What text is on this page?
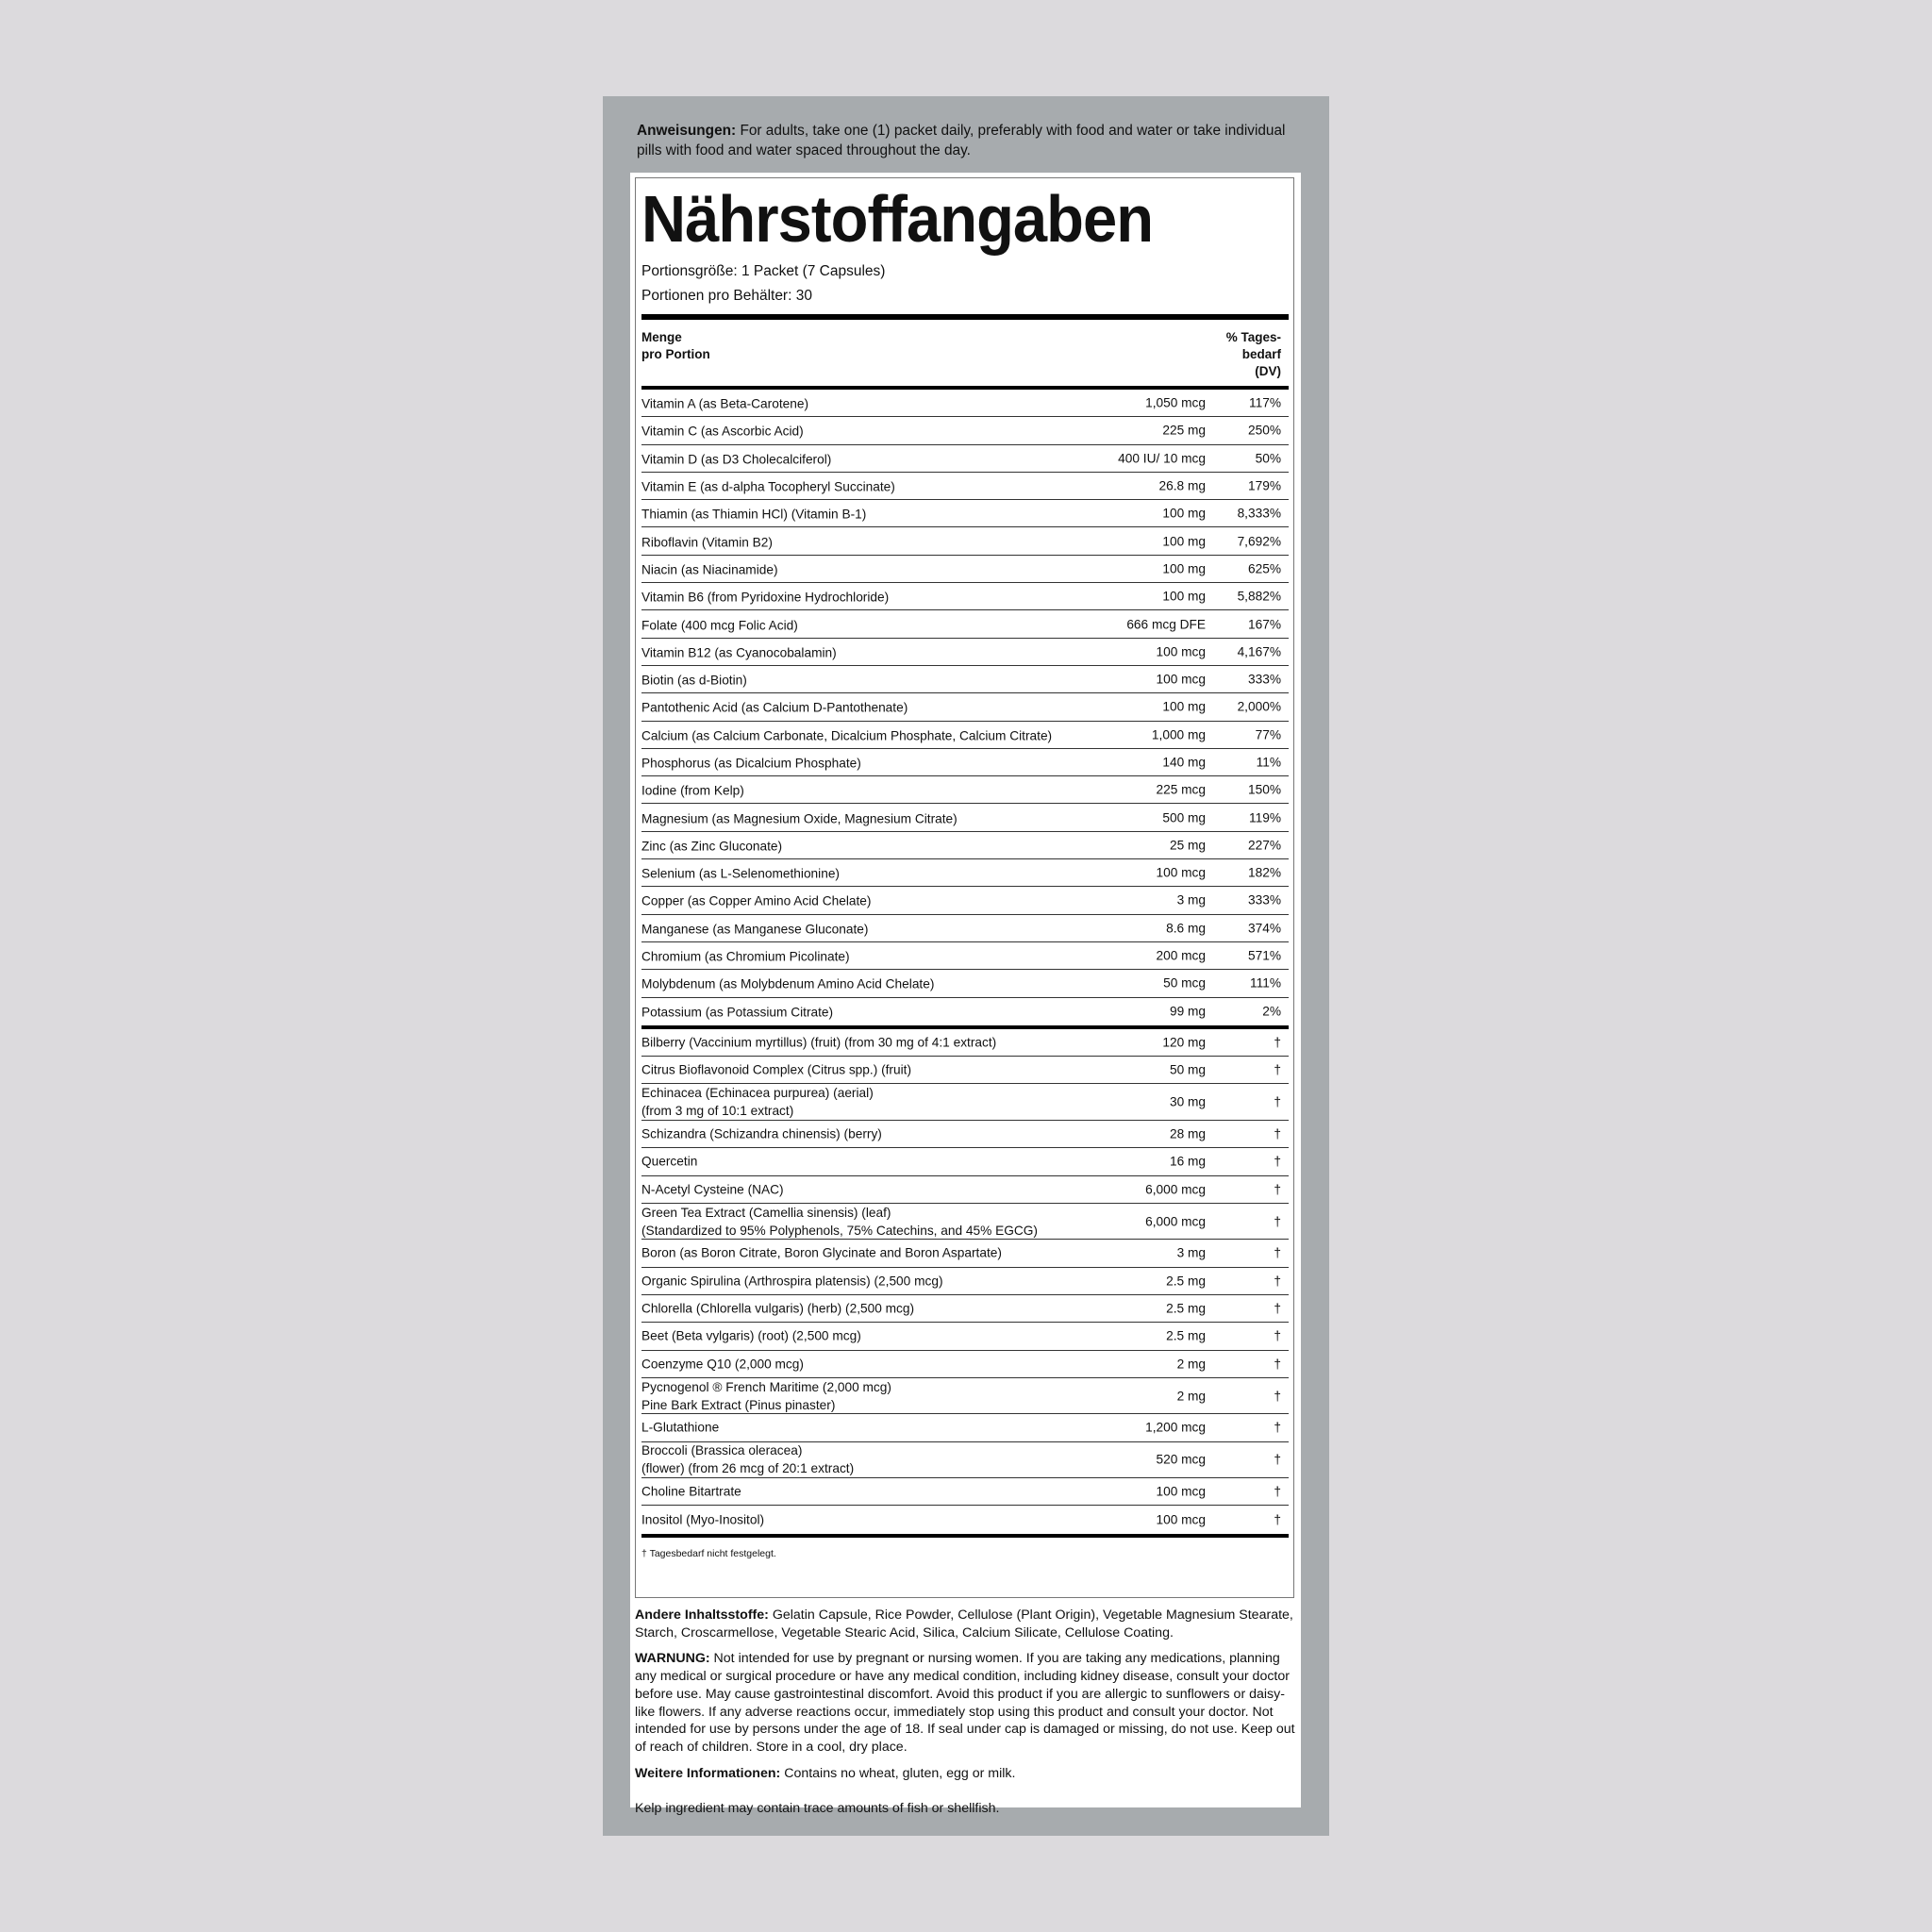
Anweisungen: For adults, take one (1) packet daily, preferably with food and water or take individual pills with food and water spaced throughout the day.
Nährstoffangaben
Portionsgröße: 1 Packet (7 Capsules)
Portionen pro Behälter: 30
Menge
pro Portion
% Tages-
bedarf
(DV)
Vitamin A (as Beta-Carotene)	1,050 mcg	117%
Vitamin C (as Ascorbic Acid)	225 mg	250%
Vitamin D (as D3 Cholecalciferol)	400 IU/ 10 mcg	50%
Vitamin E (as d-alpha Tocopheryl Succinate)	26.8 mg	179%
Thiamin (as Thiamin HCl) (Vitamin B-1)	100 mg 8,333%
Riboflavin (Vitamin B2)	100 mg 7,692%
Niacin (as Niacinamide)	100 mg	625%
Vitamin B6 (from Pyridoxine Hydrochloride)	100 mg 5,882%
Folate (400 mcg Folic Acid)	666 mcg DFE	167%
Vitamin B12 (as Cyanocobalamin)	100 mcg 4,167%
Biotin (as d-Biotin)	100 mcg	333%
Pantothenic Acid (as Calcium D-Pantothenate)	100 mg 2,000%
Calcium (as Calcium Carbonate, Dicalcium Phosphate, Calcium Citrate)	1,000 mg	77%
Phosphorus (as Dicalcium Phosphate)	140 mg	11%
Iodine (from Kelp)	225 mcg	150%
Magnesium (as Magnesium Oxide, Magnesium Citrate)	500 mg	119%
Zinc (as Zinc Gluconate)	25 mg	227%
Selenium (as L-Selenomethionine)	100 mcg	182%
Copper (as Copper Amino Acid Chelate)	3 mg	333%
Manganese (as Manganese Gluconate)	8.6 mg	374%
Chromium (as Chromium Picolinate)	200 mcg	571%
Molybdenum (as Molybdenum Amino Acid Chelate)	50 mcg	111%
Potassium (as Potassium Citrate)	99 mg	2%
Bilberry (Vaccinium myrtillus) (fruit) (from 30 mg of 4:1 extract)	120 mg	†
Citrus Bioflavonoid Complex (Citrus spp.) (fruit)	50 mg	†
Echinacea (Echinacea purpurea) (aerial)
(from 3 mg of 10:1 extract)
30 mg	†
Schizandra (Schizandra chinensis) (berry)	28 mg	†
Quercetin	16 mg	†
N-Acetyl Cysteine (NAC)	6,000 mcg	†
Green Tea Extract (Camellia sinensis) (leaf)
(Standardized to 95% Polyphenols, 75% Catechins, and 45% EGCG)
6,000 mcg	†
Boron (as Boron Citrate, Boron Glycinate and Boron Aspartate)	3 mg	†
Organic Spirulina (Arthrospira platensis) (2,500 mcg)	2.5 mg	†
Chlorella (Chlorella vulgaris) (herb) (2,500 mcg)	2.5 mg	†
Beet (Beta vylgaris) (root) (2,500 mcg)	2.5 mg	†
Coenzyme Q10 (2,000 mcg)	2 mg	†
Pycnogenol ® French Maritime (2,000 mcg)
Pine Bark Extract (Pinus pinaster)
2 mg	†
L-Glutathione	1,200 mcg	†
Broccoli (Brassica oleracea)
(flower) (from 26 mcg of 20:1 extract)
520 mcg	†
Choline Bitartrate	100 mcg	†
Inositol (Myo-Inositol)	100 mcg	†
† Tagesbedarf nicht festgelegt.

Andere Inhaltsstoffe: Gelatin Capsule, Rice Powder, Cellulose (Plant Origin), Vegetable Magnesium Stearate, Starch, Croscarmellose, Vegetable Stearic Acid, Silica, Calcium Silicate, Cellulose Coating.

WARNUNG: Not intended for use by pregnant or nursing women. If you are taking any medications, planning any medical or surgical procedure or have any medical condition, including kidney disease, consult your doctor before use. May cause gastrointestinal discomfort. Avoid this product if you are allergic to sunflowers or daisy-like flowers. If any adverse reactions occur, immediately stop using this product and consult your doctor. Not intended for use by persons under the age of 18. If seal under cap is damaged or missing, do not use. Keep out of reach of children. Store in a cool, dry place.

Weitere Informationen: Contains no wheat, gluten, egg or milk.

Kelp ingredient may contain trace amounts of fish or shellfish.
